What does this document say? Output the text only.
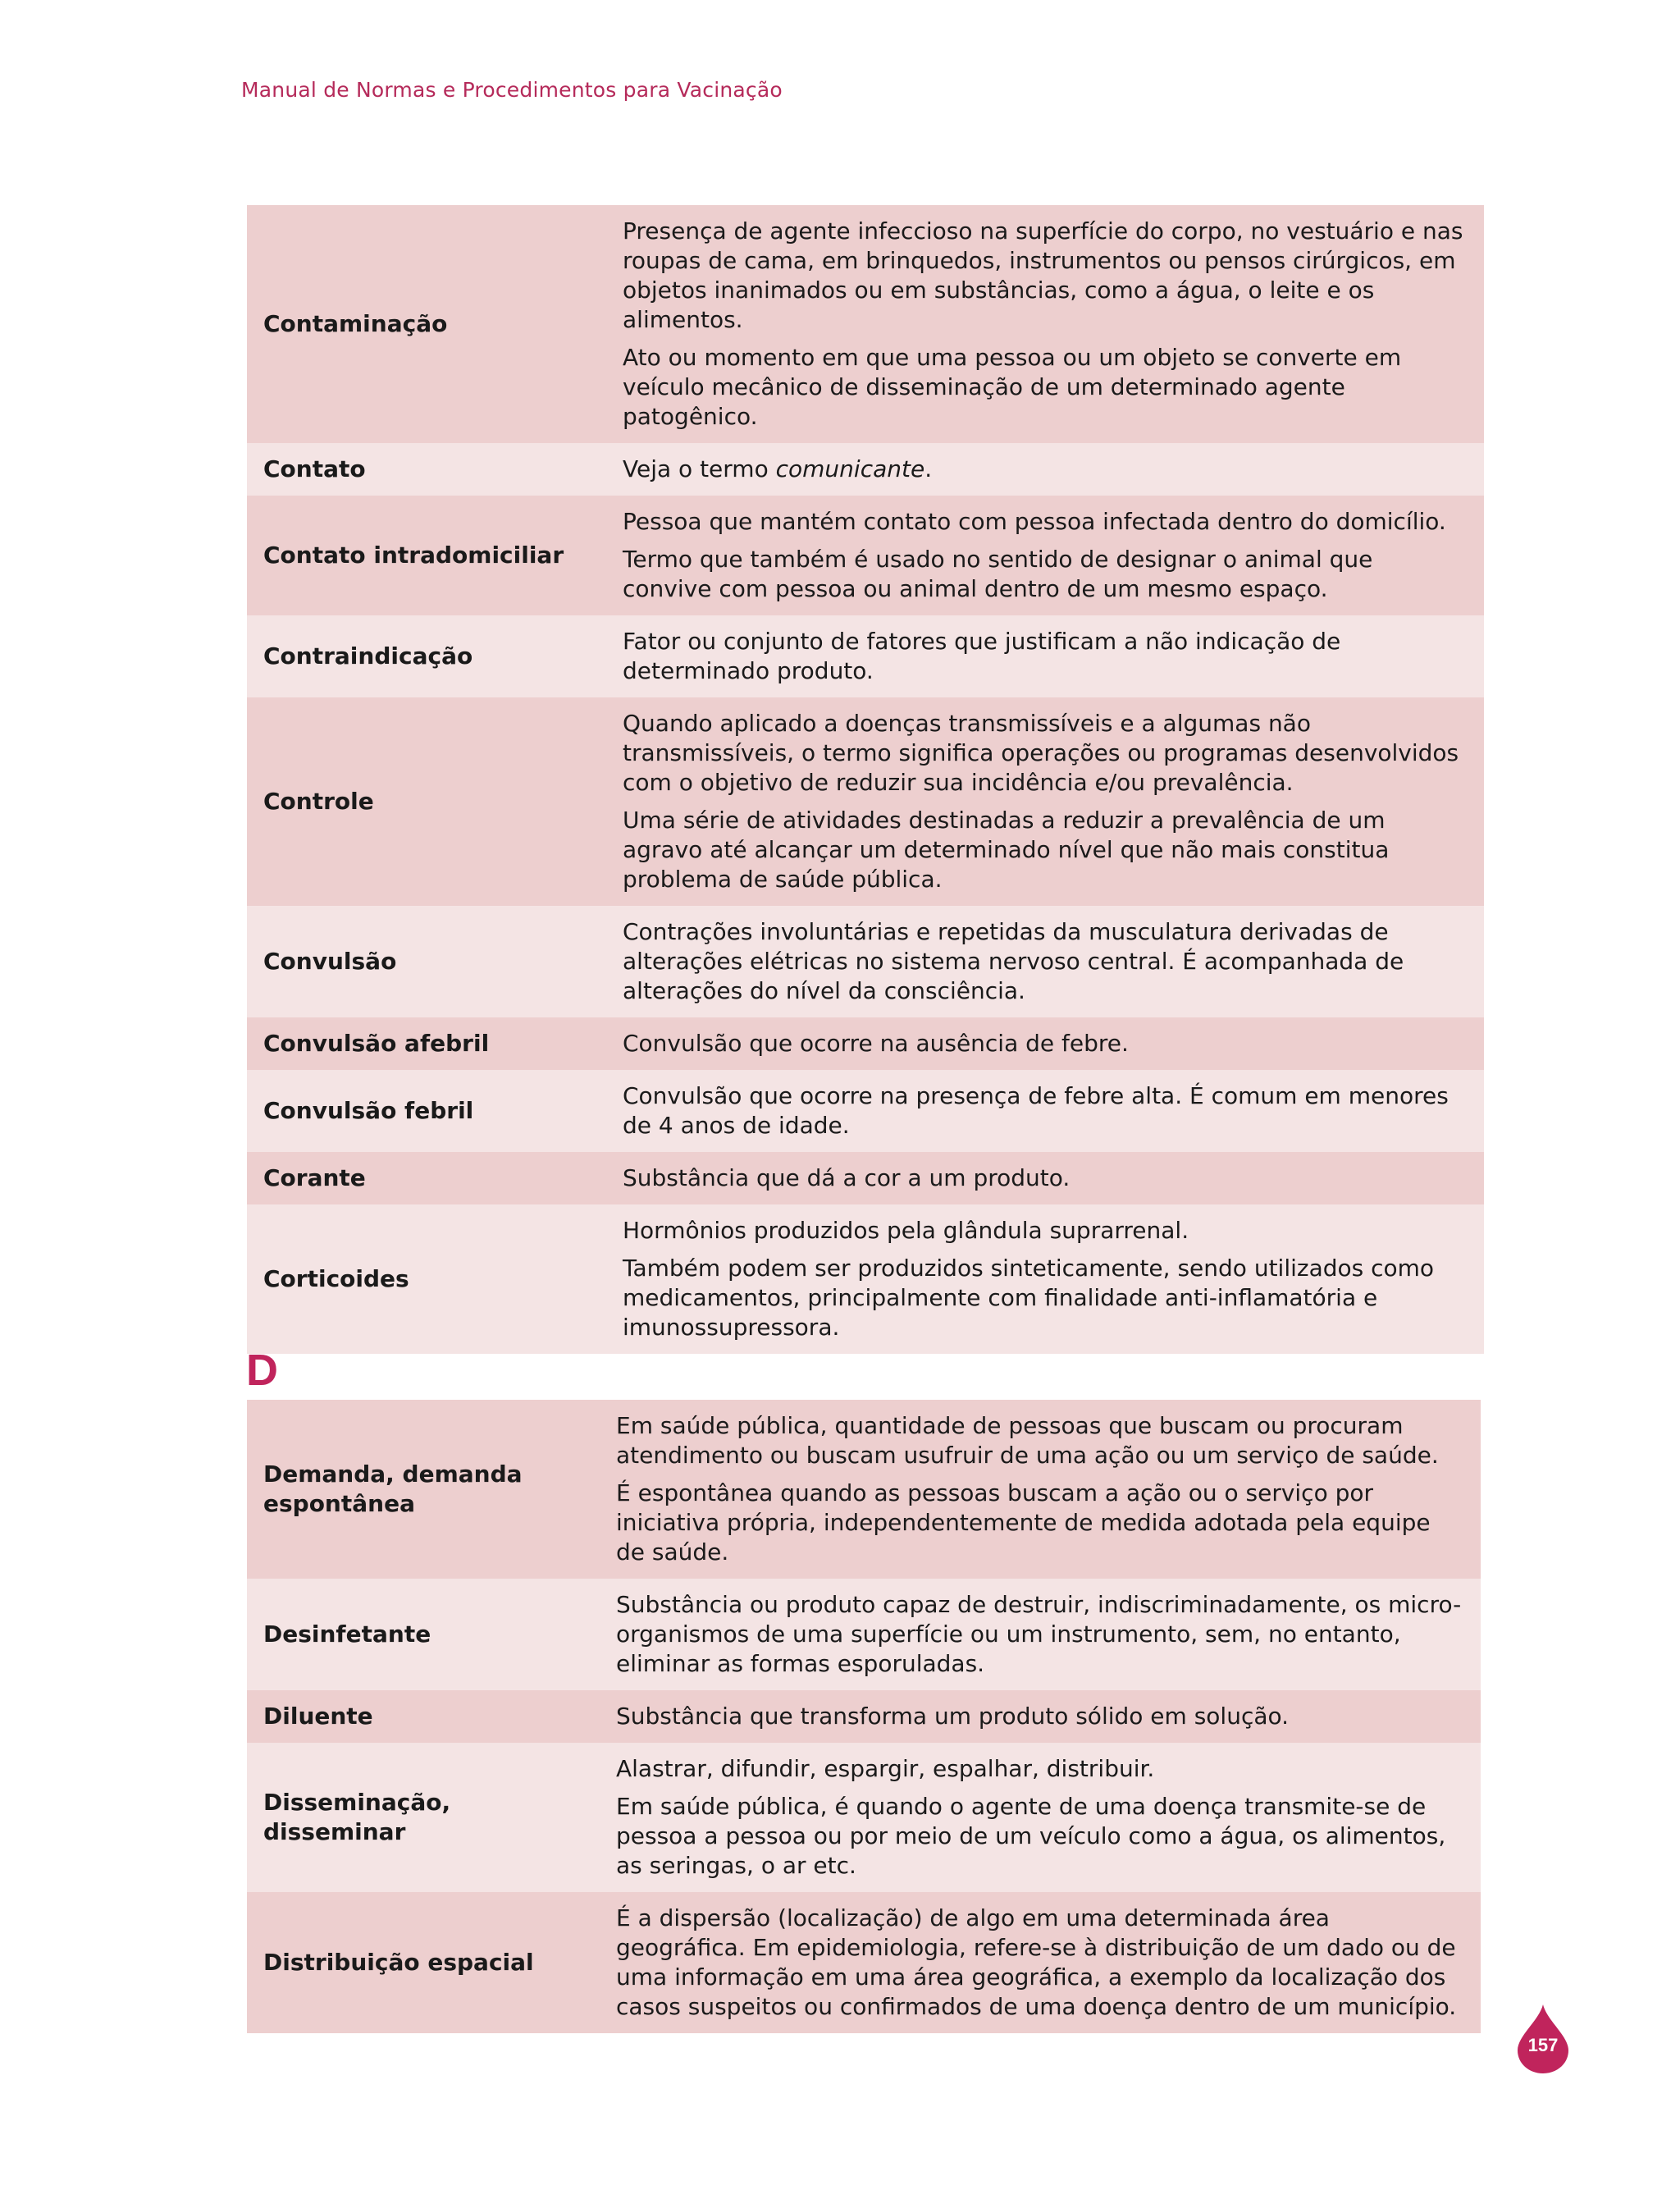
Manual de Normas e Procedimentos para Vacinação
Contaminação	Presença de agente infeccioso na superfície do corpo, no vestuário e nas roupas de cama, em brinquedos, instrumentos ou pensos cirúrgicos, em objetos inanimados ou em substâncias, como a água, o leite e os alimentos.

Ato ou momento em que uma pessoa ou um objeto se converte em veículo mecânico de disseminação de um determinado agente patogênico.

Contato	Veja o termo comunicante.

Contato intradomiciliar	Pessoa que mantém contato com pessoa infectada dentro do domicílio.

Termo que também é usado no sentido de designar o animal que convive com pessoa ou animal dentro de um mesmo espaço.

Contraindicação	Fator ou conjunto de fatores que justificam a não indicação de determinado produto.

Controle	Quando aplicado a doenças transmissíveis e a algumas não transmissíveis, o termo significa operações ou programas desenvolvidos com o objetivo de reduzir sua incidência e/ou prevalência.

Uma série de atividades destinadas a reduzir a prevalência de um agravo até alcançar um determinado nível que não mais constitua problema de saúde pública.

Convulsão	Contrações involuntárias e repetidas da musculatura derivadas de alterações elétricas no sistema nervoso central. É acompanhada de alterações do nível da consciência.

Convulsão afebril	Convulsão que ocorre na ausência de febre.

Convulsão febril	Convulsão que ocorre na presença de febre alta. É comum em menores de 4 anos de idade.

Corante	Substância que dá a cor a um produto.

Corticoides	Hormônios produzidos pela glândula suprarrenal.

Também podem ser produzidos sinteticamente, sendo utilizados como medicamentos, principalmente com finalidade anti-inflamatória e imunossupressora.

D
Demanda, demanda espontânea	Em saúde pública, quantidade de pessoas que buscam ou procuram atendimento ou buscam usufruir de uma ação ou um serviço de saúde.

É espontânea quando as pessoas buscam a ação ou o serviço por iniciativa própria, independentemente de medida adotada pela equipe de saúde.

Desinfetante	Substância ou produto capaz de destruir, indiscriminadamente, os micro-organismos de uma superfície ou um instrumento, sem, no entanto, eliminar as formas esporuladas.

Diluente	Substância que transforma um produto sólido em solução.

Disseminação, disseminar	Alastrar, difundir, espargir, espalhar, distribuir.

Em saúde pública, é quando o agente de uma doença transmite-se de pessoa a pessoa ou por meio de um veículo como a água, os alimentos, as seringas, o ar etc.

Distribuição espacial	É a dispersão (localização) de algo em uma determinada área geográfica. Em epidemiologia, refere-se à distribuição de um dado ou de uma informação em uma área geográfica, a exemplo da localização dos casos suspeitos ou confirmados de uma doença dentro de um município.

157
